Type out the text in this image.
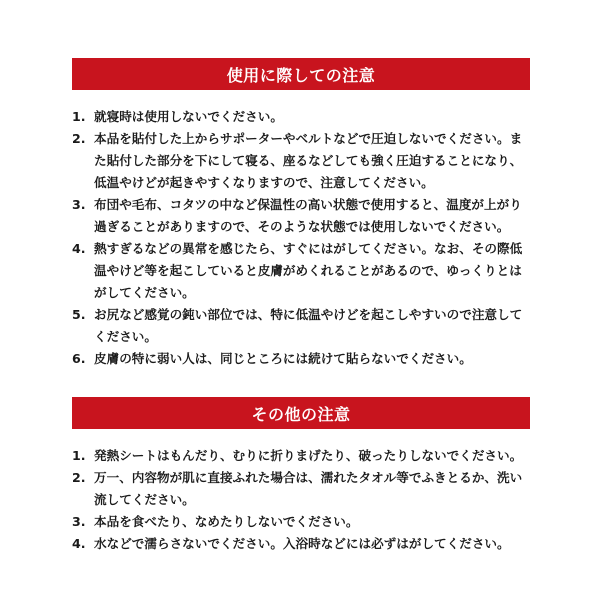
使用に際しての注意
1. 就寝時は使用しないでください。
2. 本品を貼付した上からサポーターやベルトなどで圧迫しないでください。また貼付した部分を下にして寝る、座るなどしても強く圧迫することになり、低温やけどが起きやすくなりますので、注意してください。
3. 布団や毛布、コタツの中など保温性の高い状態で使用すると、温度が上がり過ぎることがありますので、そのような状態では使用しないでください。
4. 熱すぎるなどの異常を感じたら、すぐにはがしてください。なお、その際低温やけど等を起こしていると皮膚がめくれることがあるので、ゆっくりとはがしてください。
5. お尻など感覚の鈍い部位では、特に低温やけどを起こしやすいので注意してください。
6. 皮膚の特に弱い人は、同じところには続けて貼らないでください。
その他の注意
1. 発熱シートはもんだり、むりに折りまげたり、破ったりしないでください。
2. 万一、内容物が肌に直接ふれた場合は、濡れたタオル等でふきとるか、洗い流してください。
3. 本品を食べたり、なめたりしないでください。
4. 水などで濡らさないでください。入浴時などには必ずはがしてください。
